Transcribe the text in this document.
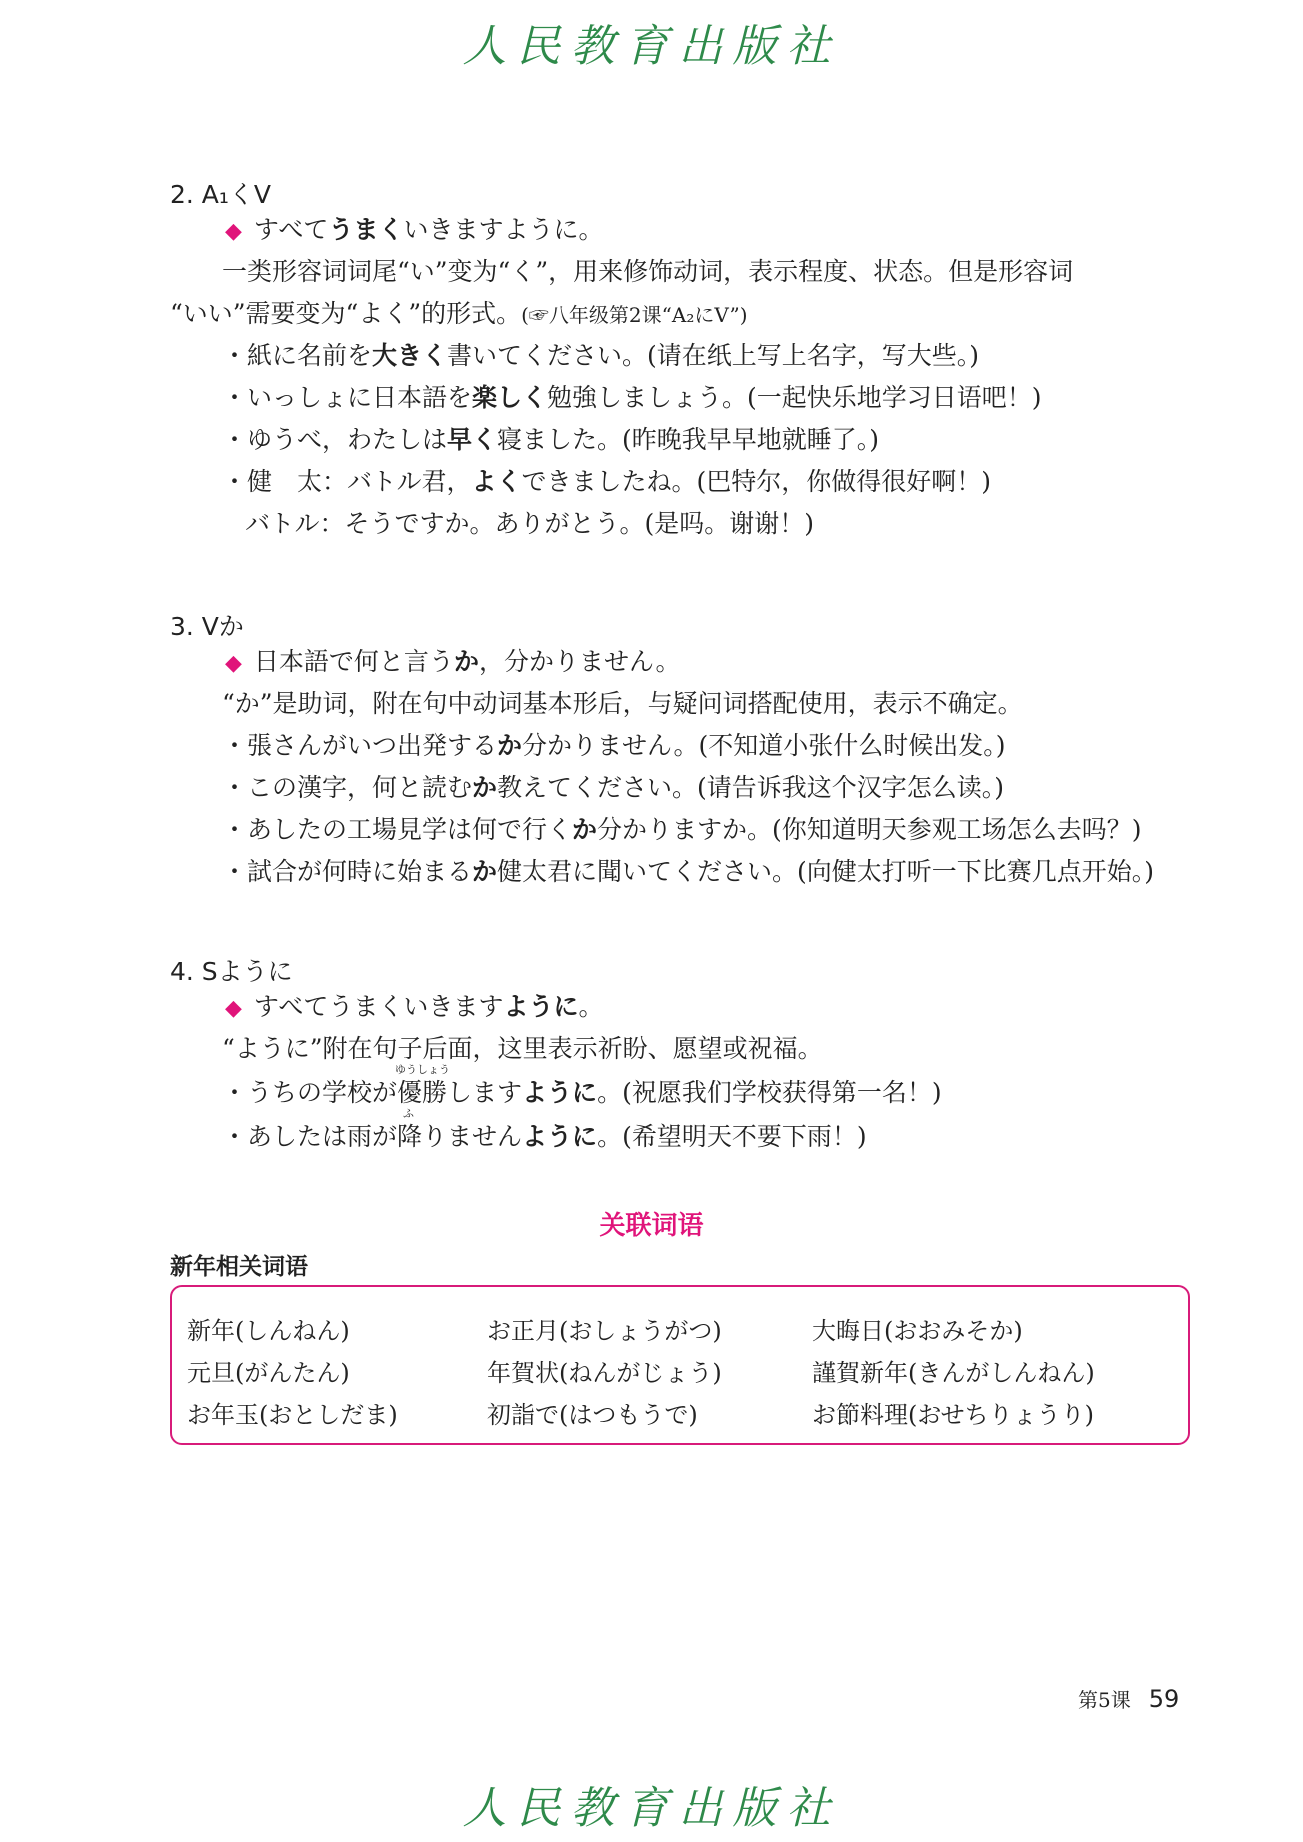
人民教育出版社
2. A₁くV
◆ すべてうまくいきますように。
一类形容词词尾“い”变为“く”，用来修饰动词，表示程度、状态。但是形容词
“いい”需要变为“よく”的形式。(☞八年级第2课“A₂にV”)
・紙に名前を大きく書いてください。(请在纸上写上名字，写大些。)
・いっしょに日本語を楽しく勉強しましょう。(一起快乐地学习日语吧！)
・ゆうべ，わたしは早く寝ました。(昨晚我早早地就睡了。)
・健　太：バトル君，よくできましたね。(巴特尔，你做得很好啊！)
バトル：そうですか。ありがとう。(是吗。谢谢！)
3. Vか
◆ 日本語で何と言うか，分かりません。
“か”是助词，附在句中动词基本形后，与疑问词搭配使用，表示不确定。
・張さんがいつ出発するか分かりません。(不知道小张什么时候出发。)
・この漢字，何と読むか教えてください。(请告诉我这个汉字怎么读。)
・あしたの工場見学は何で行くか分かりますか。(你知道明天参观工场怎么去吗？)
・試合が何時に始まるか健太君に聞いてください。(向健太打听一下比赛几点开始。)
4. Sように
◆ すべてうまくいきますように。
“ように”附在句子后面，这里表示祈盼、愿望或祝福。
・うちの学校が
ゆうしょう
優勝しますように。(祝愿我们学校获得第一名！)
・あしたは雨が
ふ
降りませんように。(希望明天不要下雨！)
关联词语
新年相关词语
新年(しんねん)	お正月(おしょうがつ)	大晦日(おおみそか)
元旦(がんたん)	年賀状(ねんがじょう)	謹賀新年(きんがしんねん)
お年玉(おとしだま)	初詣で(はつもうで)	お節料理(おせちりょうり)
第5课 59
人民教育出版社
